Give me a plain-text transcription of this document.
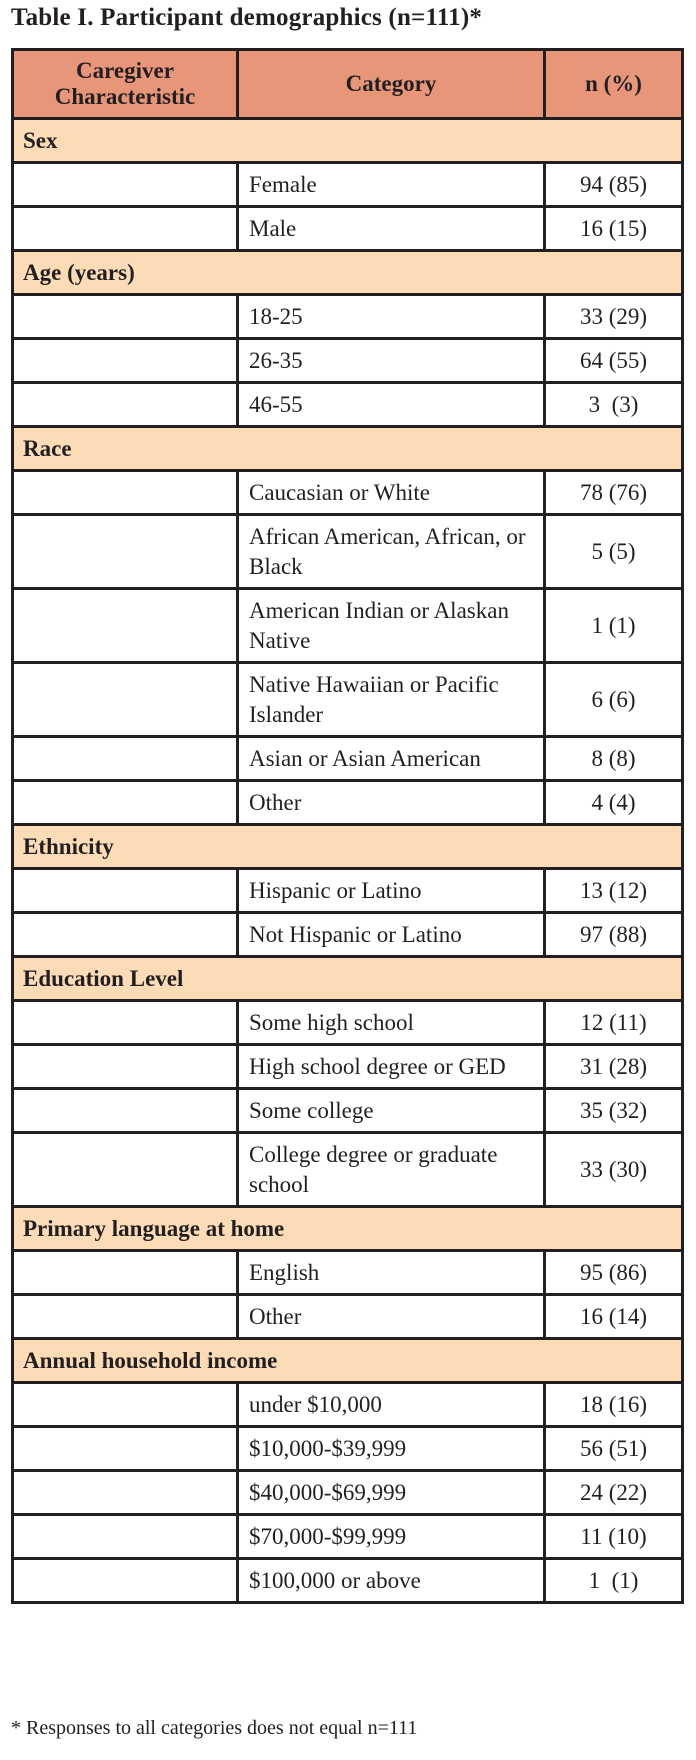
Table I. Participant demographics (n=111)*
Caregiver
Characteristic	Category	n (%)
Sex		
	Female	94 (85)
	Male	16 (15)
Age (years)		
	18-25	33 (29)
	26-35	64 (55)
	46-55	3  (3)
Race		
	Caucasian or White	78 (76)
	African American, African, or Black	5 (5)
	American Indian or Alaskan Native	1 (1)
	Native Hawaiian or Pacific Islander	6 (6)
	Asian or Asian American	8 (8)
	Other	4 (4)
Ethnicity		
	Hispanic or Latino	13 (12)
	Not Hispanic or Latino	97 (88)
Education Level		
	Some high school	12 (11)
	High school degree or GED	31 (28)
	Some college	35 (32)
	College degree or graduate school	33 (30)
Primary language at home		
	English	95 (86)
	Other	16 (14)
Annual household income		
	under $10,000	18 (16)
	$10,000-$39,999	56 (51)
	$40,000-$69,999	24 (22)
	$70,000-$99,999	11 (10)
	$100,000 or above	1  (1)
* Responses to all categories does not equal n=111
